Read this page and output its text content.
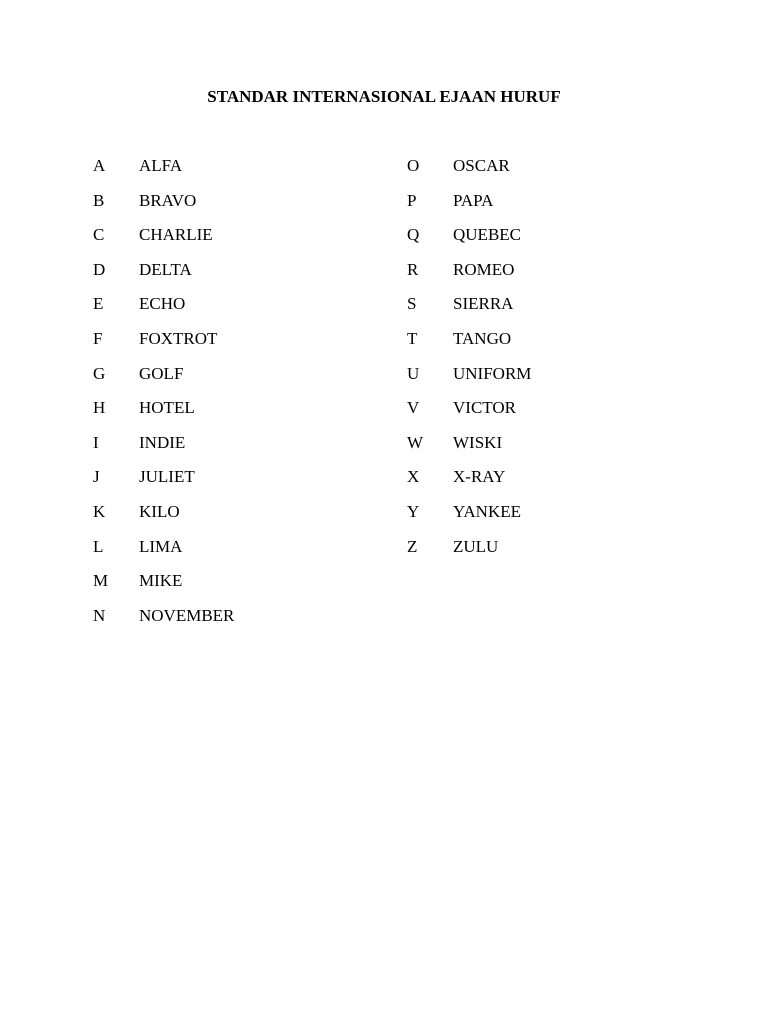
STANDAR INTERNASIONAL EJAAN HURUF
A ALFA
B BRAVO
C CHARLIE
D DELTA
E ECHO
F FOXTROT
G GOLF
H HOTEL
I INDIE
J JULIET
K KILO
L LIMA
M MIKE
N NOVEMBER
O OSCAR
P PAPA
Q QUEBEC
R ROMEO
S SIERRA
T TANGO
U UNIFORM
V VICTOR
W WISKI
X X-RAY
Y YANKEE
Z ZULU
